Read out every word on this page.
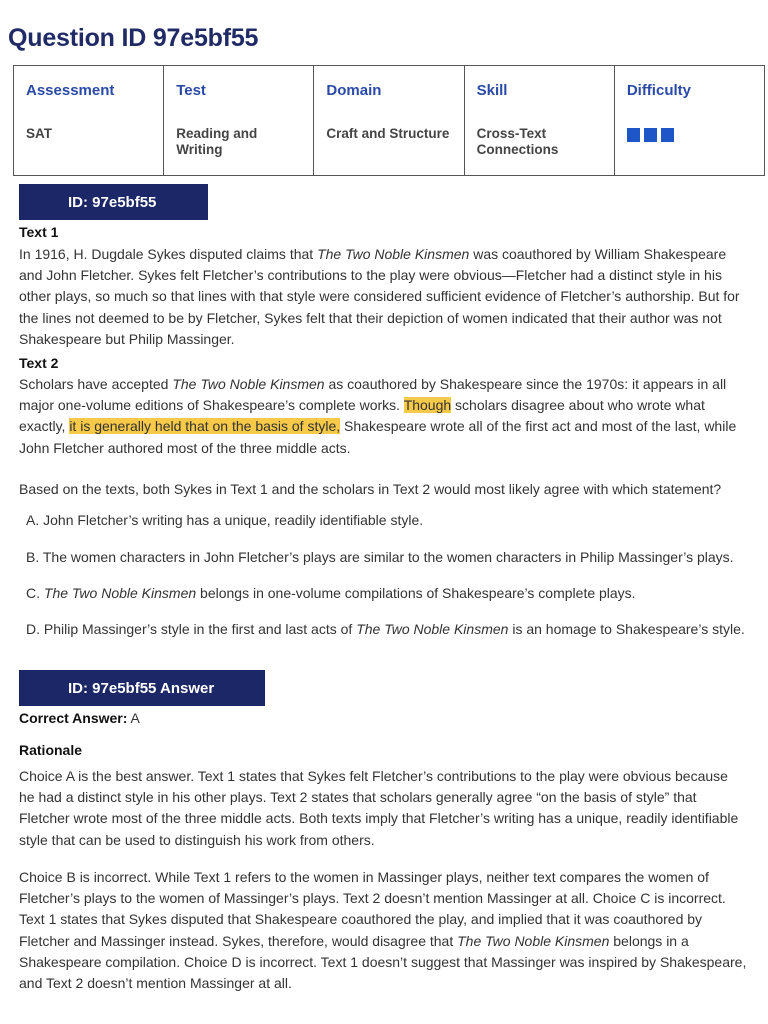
Question ID 97e5bf55
Assessment
SAT
Test
Reading and Writing
Domain
Craft and Structure
Skill
Cross-Text Connections
Difficulty
ID: 97e5bf55
Text 1
In 1916, H. Dugdale Sykes disputed claims that The Two Noble Kinsmen was coauthored by William Shakespeare and John Fletcher. Sykes felt Fletcher’s contributions to the play were obvious—Fletcher had a distinct style in his other plays, so much so that lines with that style were considered sufficient evidence of Fletcher’s authorship. But for the lines not deemed to be by Fletcher, Sykes felt that their depiction of women indicated that their author was not Shakespeare but Philip Massinger.
Text 2
Scholars have accepted The Two Noble Kinsmen as coauthored by Shakespeare since the 1970s: it appears in all major one-volume editions of Shakespeare’s complete works. Though scholars disagree about who wrote what exactly, it is generally held that on the basis of style, Shakespeare wrote all of the first act and most of the last, while John Fletcher authored most of the three middle acts.
Based on the texts, both Sykes in Text 1 and the scholars in Text 2 would most likely agree with which statement?
A. John Fletcher’s writing has a unique, readily identifiable style.
B. The women characters in John Fletcher’s plays are similar to the women characters in Philip Massinger’s plays.
C. The Two Noble Kinsmen belongs in one-volume compilations of Shakespeare’s complete plays.
D. Philip Massinger’s style in the first and last acts of The Two Noble Kinsmen is an homage to Shakespeare’s style.
ID: 97e5bf55 Answer
Correct Answer: A
Rationale
Choice A is the best answer. Text 1 states that Sykes felt Fletcher’s contributions to the play were obvious because he had a distinct style in his other plays. Text 2 states that scholars generally agree “on the basis of style” that Fletcher wrote most of the three middle acts. Both texts imply that Fletcher’s writing has a unique, readily identifiable style that can be used to distinguish his work from others.
Choice B is incorrect. While Text 1 refers to the women in Massinger plays, neither text compares the women of Fletcher’s plays to the women of Massinger’s plays. Text 2 doesn’t mention Massinger at all. Choice C is incorrect. Text 1 states that Sykes disputed that Shakespeare coauthored the play, and implied that it was coauthored by Fletcher and Massinger instead. Sykes, therefore, would disagree that The Two Noble Kinsmen belongs in a Shakespeare compilation. Choice D is incorrect. Text 1 doesn’t suggest that Massinger was inspired by Shakespeare, and Text 2 doesn’t mention Massinger at all.
